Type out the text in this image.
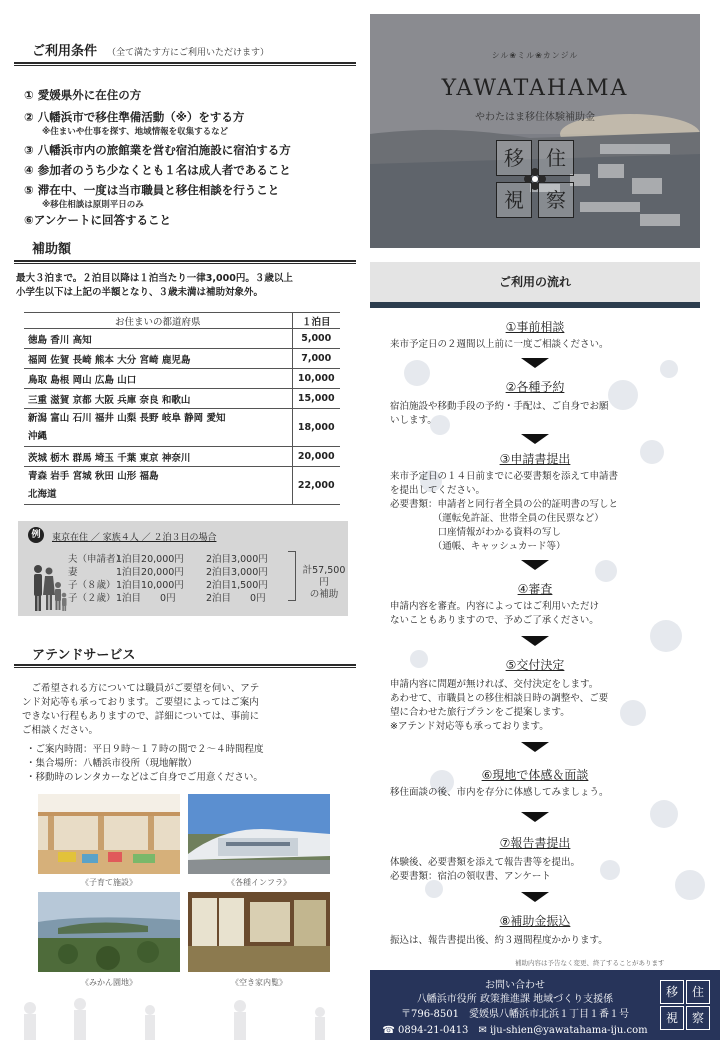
ご利用条件 （全て満たす方にご利用いただけます）
① 愛媛県外に在住の方
② 八幡浜市で移住準備活動（※）をする方
※住まいや仕事を探す、地域情報を収集するなど
③ 八幡浜市内の旅館業を営む宿泊施設に宿泊する方
④ 参加者のうち少なくとも１名は成人者であること
⑤ 滞在中、一度は当市職員と移住相談を行うこと
※移住相談は原則平日のみ
⑥アンケートに回答すること
補助額
最大３泊まで。２泊目以降は１泊当たり一律3,000円。３歳以上
小学生以下は上記の半額となり、３歳未満は補助対象外。
お住まいの都道府県	１泊目
徳島 香川 高知	5,000
福岡 佐賀 長崎 熊本 大分 宮崎 鹿児島	7,000
鳥取 島根 岡山 広島 山口	10,000
三重 滋賀 京都 大阪 兵庫 奈良 和歌山	15,000

新潟 富山 石川 福井 山梨 長野 岐阜 静岡 愛知
沖縄	18,000
茨城 栃木 群馬 埼玉 千葉 東京 神奈川	20,000

青森 岩手 宮城 秋田 山形 福島
北海道	22,000
例	東京在住 ／ 家族４人 ／ ２泊３日の場合
夫（申請者）1泊目20,000円 2泊目3,000円
妻	1泊目20,000円 2泊目3,000円
子（８歳）1泊目10,000円 2泊目1,500円
子（２歳）1泊目　　0円	2泊目　　0円
計57,500円
の補助
アテンドサービス
　ご希望される方については職員がご要望を伺い、アテ
ンド対応等も承っております。ご要望によってはご案内
できない行程もありますので、詳細については、事前に
ご相談ください。
・ご案内時間：平日９時～１７時の間で２～４時間程度
・集合場所：八幡浜市役所（現地解散）
・移動時のレンタカーなどはご自身でご用意ください。
《子育て施設》	《各種インフラ》
《みかん園地》	《空き家内覧》
シル❀ミル❀カンジル
YAWATAHAMA
やわたはま移住体験補助金
移	住
視	察
ご利用の流れ
①事前相談
来市予定日の２週間以上前に一度ご相談ください。
②各種予約
宿泊施設や移動手段の予約・手配は、ご自身でお願
いします。
③申請書提出
来市予定日の１４日前までに必要書類を添えて申請書
を提出してください。
必要書類：申請者と同行者全員の公的証明書の写しと
　　　　　（運転免許証、世帯全員の住民票など）
　　　　　口座情報がわかる資料の写し
　　　　　（通帳、キャッシュカード等）
④審査
申請内容を審査。内容によってはご利用いただけ
ないこともありますので、予めご了承ください。
⑤交付決定
申請内容に問題が無ければ、交付決定をします。
あわせて、市職員との移住相談日時の調整や、ご要
望に合わせた旅行プランをご提案します。
※アテンド対応等も承っております。
⑥現地で体感＆面談
移住面談の後、市内を存分に体感してみましょう。
⑦報告書提出
体験後、必要書類を添えて報告書等を提出。
必要書類：宿泊の領収書、アンケート
⑧補助金振込
振込は、報告書提出後、約３週間程度かかります。
補助内容は予告なく変更、終了することがあります
お問い合わせ
八幡浜市役所 政策推進課 地域づくり支援係
〒796-8501　愛媛県八幡浜市北浜１丁目１番１号
☎ 0894-21-0413　✉ iju-shien@yawatahama-iju.com
移	住
視	察
